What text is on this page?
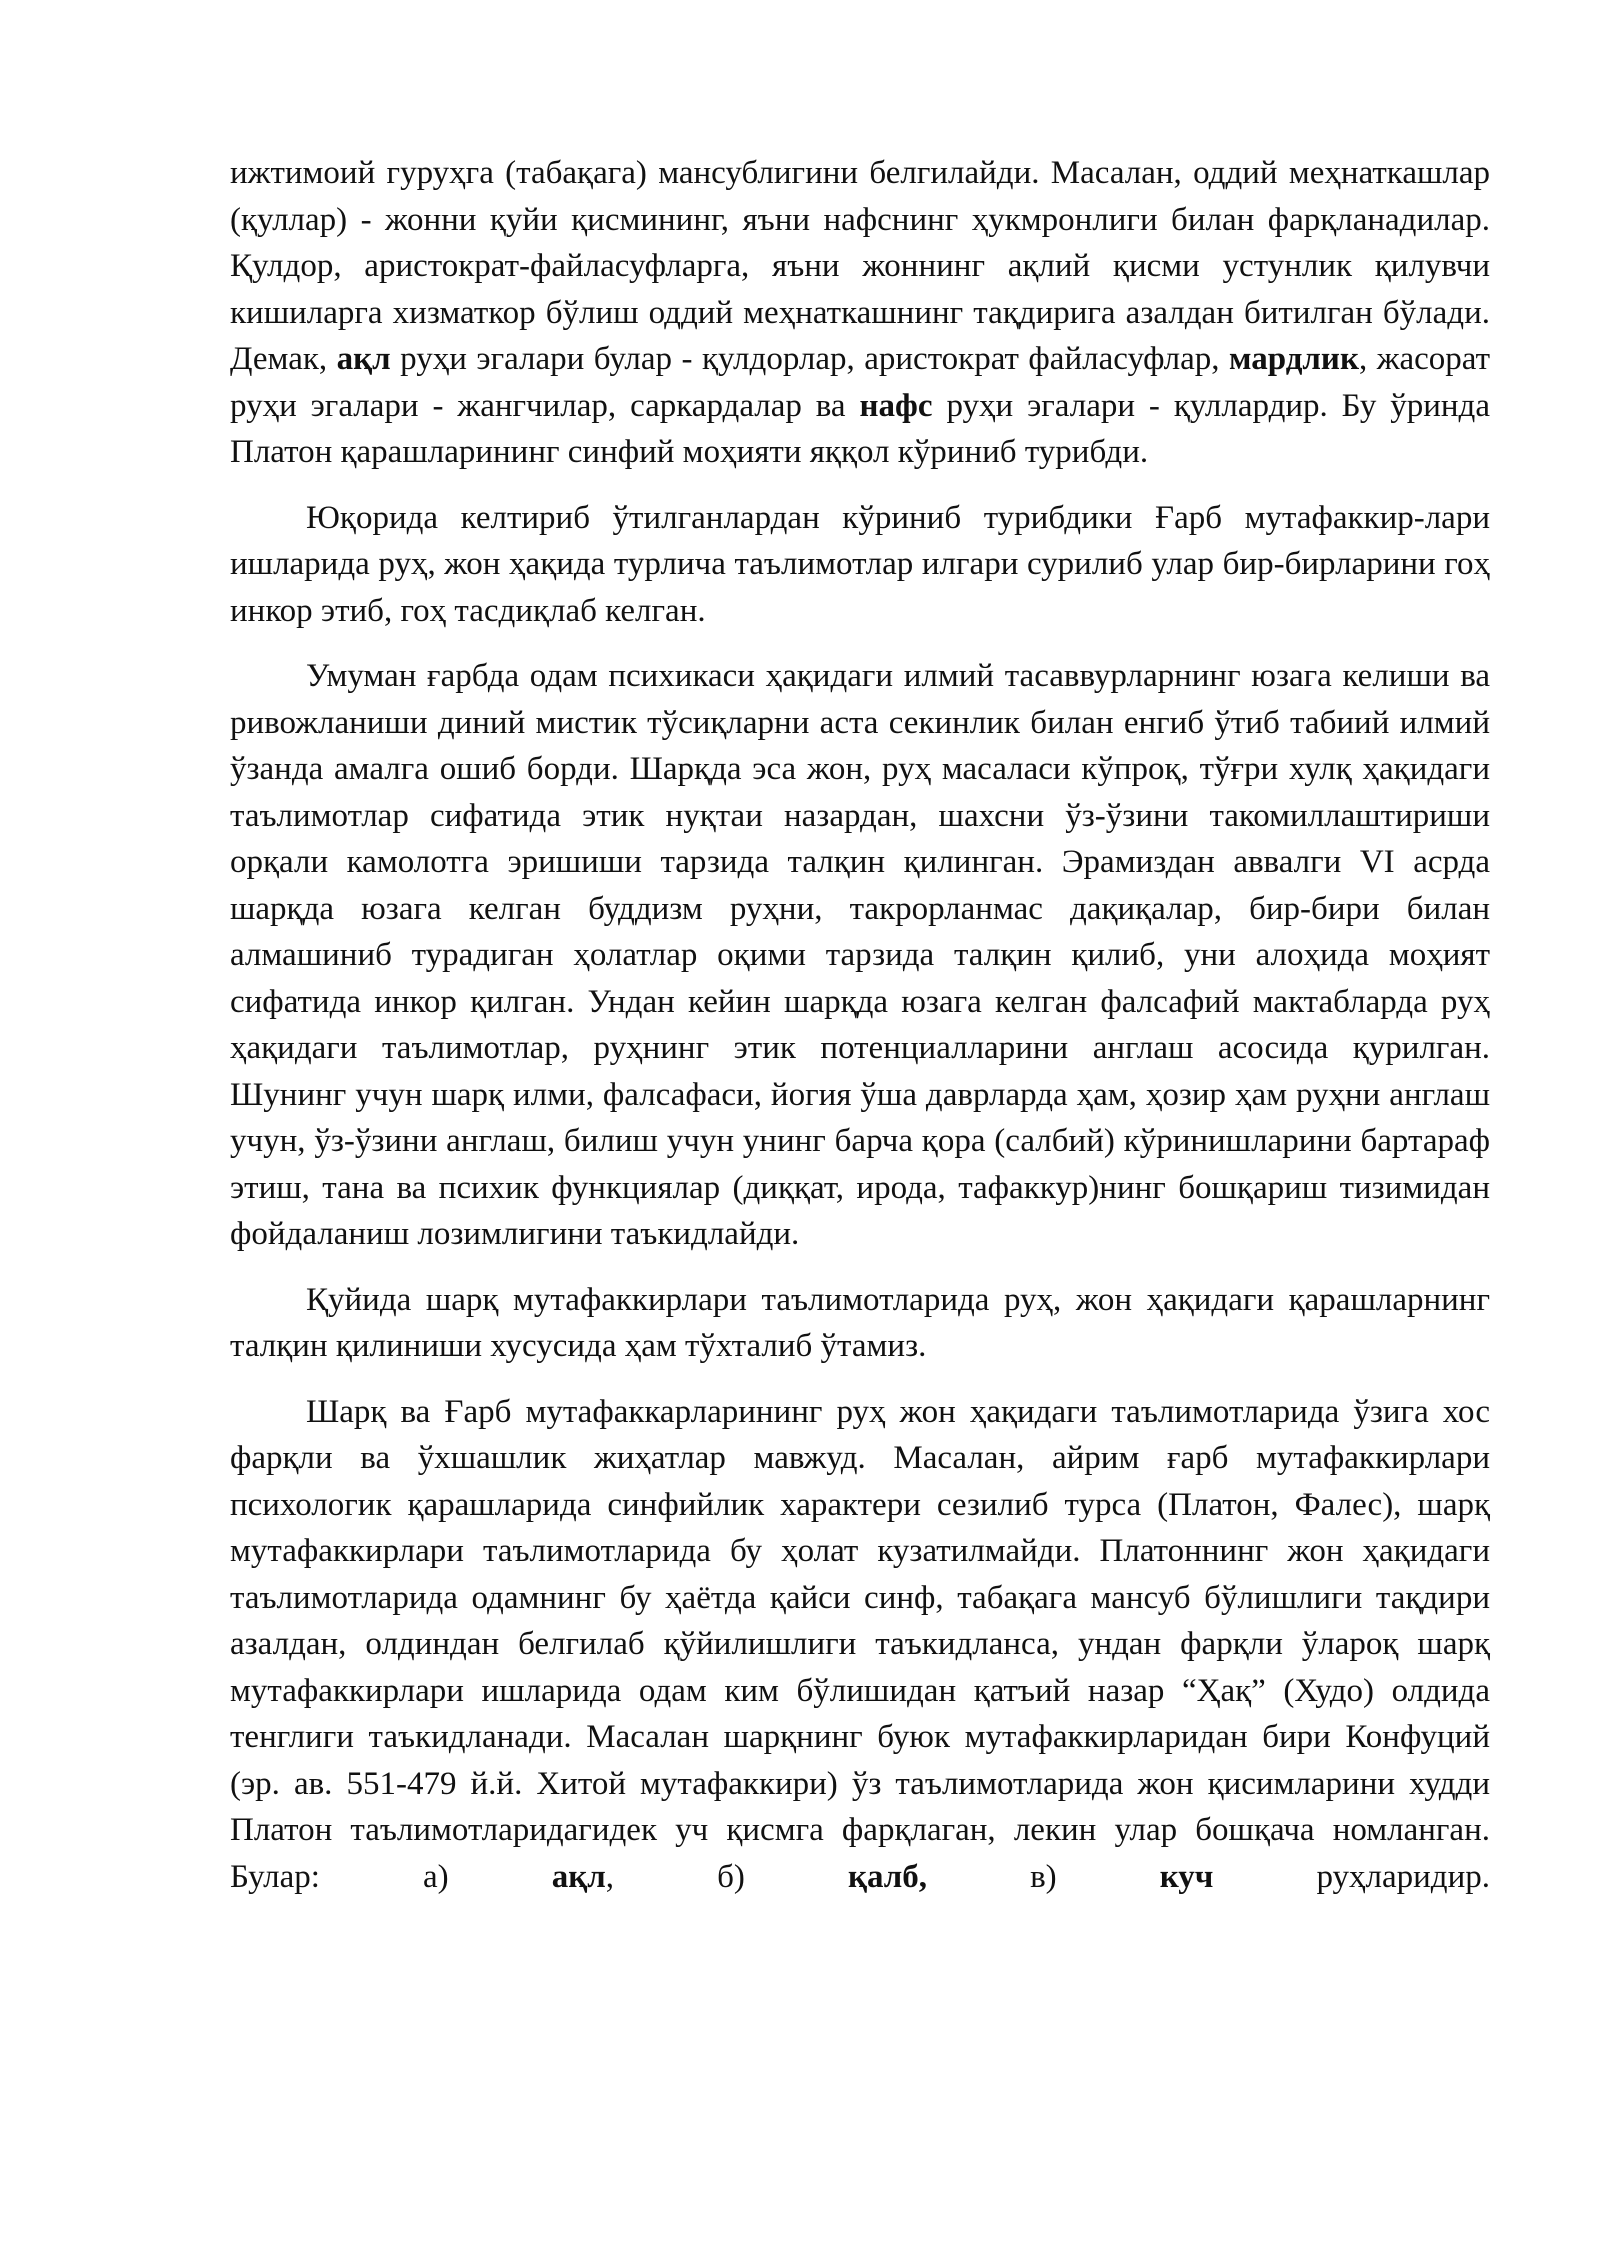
ижтимоий гуруҳга (табақага) мансублигини белгилайди. Масалан, оддий меҳнаткашлар (қуллар) - жонни қуйи қисмининг, яъни нафснинг ҳукмронлиги билан фарқланадилар. Қулдор, аристократ-файласуфларга, яъни жоннинг ақлий қисми устунлик қилувчи кишиларга хизматкор бўлиш оддий меҳнаткашнинг тақдирига азалдан битилган бўлади. Демак, ақл руҳи эгалари булар - қулдорлар, аристократ файласуфлар, мардлик, жасорат руҳи эгалари - жангчилар, саркардалар ва нафс руҳи эгалари - қуллардир. Бу ўринда Платон қарашларининг синфий моҳияти яққол кўриниб турибди.

Юқорида келтириб ўтилганлардан кўриниб турибдики Ғарб мутафаккир-лари ишларида руҳ, жон ҳақида турлича таълимотлар илгари сурилиб улар бир-бирларини гоҳ инкор этиб, гоҳ тасдиқлаб келган.

Умуман ғарбда одам психикаси ҳақидаги илмий тасаввурларнинг юзага келиши ва ривожланиши диний мистик тўсиқларни аста секинлик билан енгиб ўтиб табиий илмий ўзанда амалга ошиб борди. Шарқда эса жон, руҳ масаласи кўпроқ, тўғри хулқ ҳақидаги таълимотлар сифатида этик нуқтаи назардан, шахсни ўз-ўзини такомиллаштириши орқали камолотга эришиши тарзида талқин қилинган. Эрамиздан аввалги VI асрда шарқда юзага келган буддизм руҳни, такрорланмас дақиқалар, бир-бири билан алмашиниб турадиган ҳолатлар оқими тарзида талқин қилиб, уни алоҳида моҳият сифатида инкор қилган. Ундан кейин шарқда юзага келган фалсафий мактабларда руҳ ҳақидаги таълимотлар, руҳнинг этик потенциалларини англаш асосида қурилган. Шунинг учун шарқ илми, фалсафаси, йогия ўша даврларда ҳам, ҳозир ҳам руҳни англаш учун, ўз-ўзини англаш, билиш учун унинг барча қора (салбий) кўринишларини бартараф этиш, тана ва психик функциялар (диққат, ирода, тафаккур)нинг бошқариш тизимидан фойдаланиш лозимлигини таъкидлайди.

Қуйида шарқ мутафаккирлари таълимотларида руҳ, жон ҳақидаги қарашларнинг талқин қилиниши хусусида ҳам тўхталиб ўтамиз.

Шарқ ва Ғарб мутафаккарларининг руҳ жон ҳақидаги таълимотларида ўзига хос фарқли ва ўхшашлик жиҳатлар мавжуд. Масалан, айрим ғарб мутафаккирлари психологик қарашларида синфийлик характери сезилиб турса (Платон, Фалес), шарқ мутафаккирлари таълимотларида бу ҳолат кузатилмайди. Платоннинг жон ҳақидаги таълимотларида одамнинг бу ҳаётда қайси синф, табақага мансуб бўлишлиги тақдири азалдан, олдиндан белгилаб қўйилишлиги таъкидланса, ундан фарқли ўлароқ шарқ мутафаккирлари ишларида одам ким бўлишидан қатъий назар “Ҳақ” (Худо) олдида тенглиги таъкидланади. Масалан шарқнинг буюк мутафаккирларидан бири Конфуций (эр. ав. 551-479 й.й. Хитой мутафаккири) ўз таълимотларида жон қисимларини худди Платон таълимотларидагидек уч қисмга фарқлаган, лекин улар бошқача номланган. Булар: а) ақл, б) қалб, в) куч руҳларидир.
